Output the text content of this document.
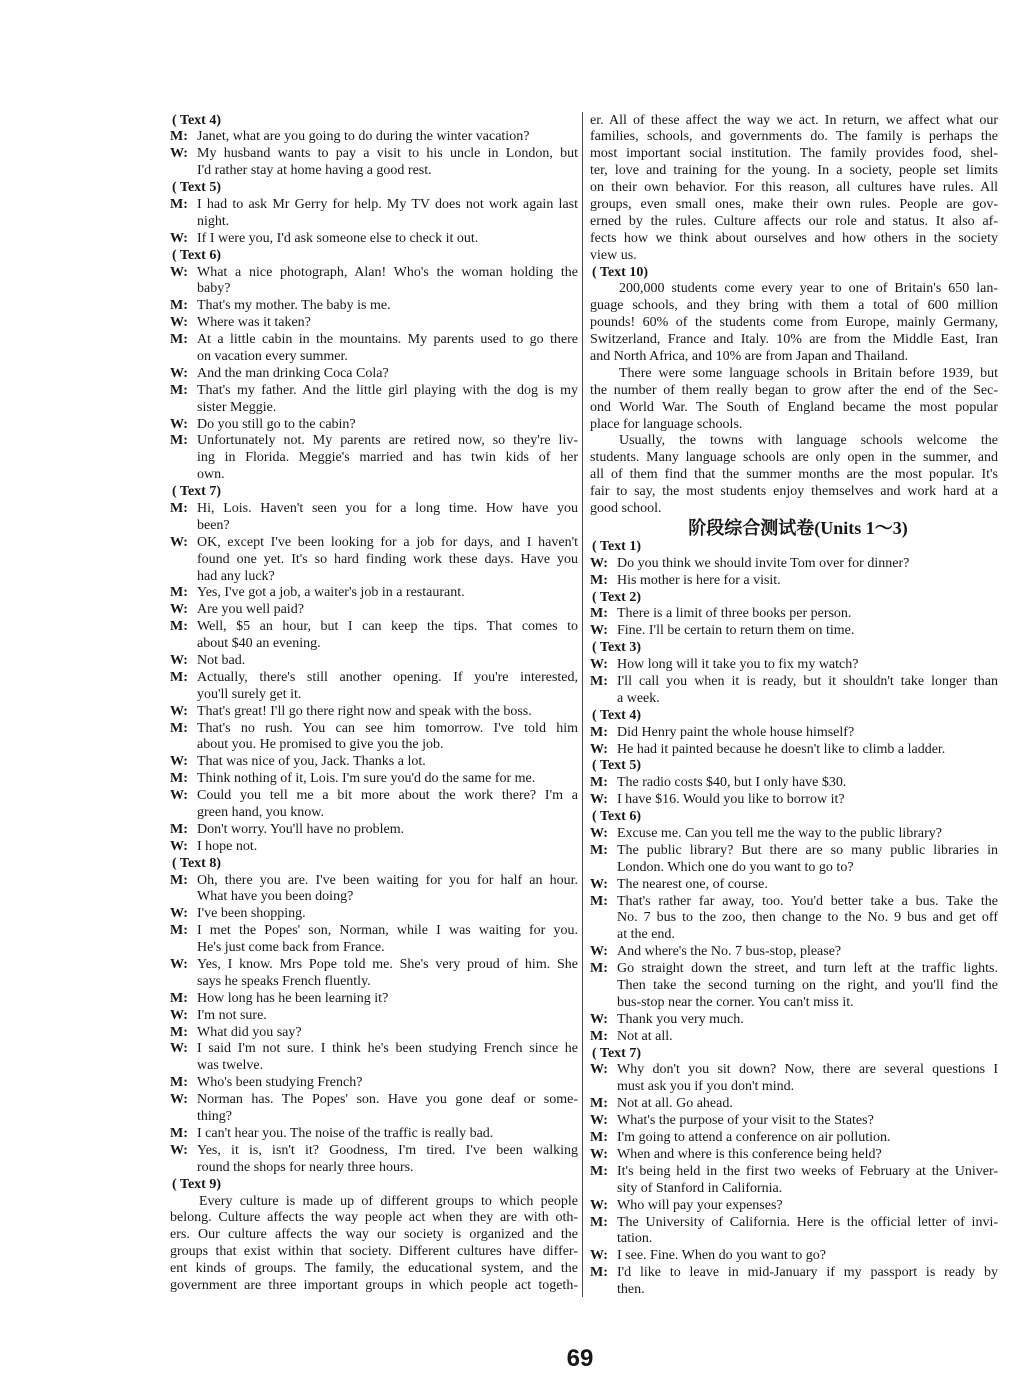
( Text 4)
M: Janet, what are you going to do during the winter vacation?
W: My husband wants to pay a visit to his uncle in London, but
I'd rather stay at home having a good rest.
( Text 5)
M: I had to ask Mr Gerry for help. My TV does not work again last
night.
W: If I were you, I'd ask someone else to check it out.
( Text 6)
W: What a nice photograph, Alan! Who's the woman holding the
baby?
M: That's my mother. The baby is me.
W: Where was it taken?
M: At a little cabin in the mountains. My parents used to go there
on vacation every summer.
W: And the man drinking Coca Cola?
M: That's my father. And the little girl playing with the dog is my
sister Meggie.
W: Do you still go to the cabin?
M: Unfortunately not. My parents are retired now, so they're liv-
ing in Florida. Meggie's married and has twin kids of her
own.
( Text 7)
M: Hi, Lois. Haven't seen you for a long time. How have you
been?
W: OK, except I've been looking for a job for days, and I haven't
found one yet. It's so hard finding work these days. Have you
had any luck?
M: Yes, I've got a job, a waiter's job in a restaurant.
W: Are you well paid?
M: Well, $5 an hour, but I can keep the tips. That comes to
about $40 an evening.
W: Not bad.
M: Actually, there's still another opening. If you're interested,
you'll surely get it.
W: That's great! I'll go there right now and speak with the boss.
M: That's no rush. You can see him tomorrow. I've told him
about you. He promised to give you the job.
W: That was nice of you, Jack. Thanks a lot.
M: Think nothing of it, Lois. I'm sure you'd do the same for me.
W: Could you tell me a bit more about the work there? I'm a
green hand, you know.
M: Don't worry. You'll have no problem.
W: I hope not.
( Text 8)
M: Oh, there you are. I've been waiting for you for half an hour.
What have you been doing?
W: I've been shopping.
M: I met the Popes' son, Norman, while I was waiting for you.
He's just come back from France.
W: Yes, I know. Mrs Pope told me. She's very proud of him. She
says he speaks French fluently.
M: How long has he been learning it?
W: I'm not sure.
M: What did you say?
W: I said I'm not sure. I think he's been studying French since he
was twelve.
M: Who's been studying French?
W: Norman has. The Popes' son. Have you gone deaf or some-
thing?
M: I can't hear you. The noise of the traffic is really bad.
W: Yes, it is, isn't it? Goodness, I'm tired. I've been walking
round the shops for nearly three hours.
( Text 9)
Every culture is made up of different groups to which people
belong. Culture affects the way people act when they are with oth-
ers. Our culture affects the way our society is organized and the
groups that exist within that society. Different cultures have differ-
ent kinds of groups. The family, the educational system, and the
government are three important groups in which people act togeth-
er. All of these affect the way we act. In return, we affect what our
families, schools, and governments do. The family is perhaps the
most important social institution. The family provides food, shel-
ter, love and training for the young. In a society, people set limits
on their own behavior. For this reason, all cultures have rules. All
groups, even small ones, make their own rules. People are gov-
erned by the rules. Culture affects our role and status. It also af-
fects how we think about ourselves and how others in the society
view us.
( Text 10)
200,000 students come every year to one of Britain's 650 lan-
guage schools, and they bring with them a total of 600 million
pounds! 60% of the students come from Europe, mainly Germany,
Switzerland, France and Italy. 10% are from the Middle East, Iran
and North Africa, and 10% are from Japan and Thailand.
There were some language schools in Britain before 1939, but
the number of them really began to grow after the end of the Sec-
ond World War. The South of England became the most popular
place for language schools.
Usually, the towns with language schools welcome the
students. Many language schools are only open in the summer, and
all of them find that the summer months are the most popular. It's
fair to say, the most students enjoy themselves and work hard at a
good school.
阶段综合测试卷(Units 1～3)
( Text 1)
W: Do you think we should invite Tom over for dinner?
M: His mother is here for a visit.
( Text 2)
M: There is a limit of three books per person.
W: Fine. I'll be certain to return them on time.
( Text 3)
W: How long will it take you to fix my watch?
M: I'll call you when it is ready, but it shouldn't take longer than
a week.
( Text 4)
M: Did Henry paint the whole house himself?
W: He had it painted because he doesn't like to climb a ladder.
( Text 5)
M: The radio costs $40, but I only have $30.
W: I have $16. Would you like to borrow it?
( Text 6)
W: Excuse me. Can you tell me the way to the public library?
M: The public library? But there are so many public libraries in
London. Which one do you want to go to?
W: The nearest one, of course.
M: That's rather far away, too. You'd better take a bus. Take the
No. 7 bus to the zoo, then change to the No. 9 bus and get off
at the end.
W: And where's the No. 7 bus-stop, please?
M: Go straight down the street, and turn left at the traffic lights.
Then take the second turning on the right, and you'll find the
bus-stop near the corner. You can't miss it.
W: Thank you very much.
M: Not at all.
( Text 7)
W: Why don't you sit down? Now, there are several questions I
must ask you if you don't mind.
M: Not at all. Go ahead.
W: What's the purpose of your visit to the States?
M: I'm going to attend a conference on air pollution.
W: When and where is this conference being held?
M: It's being held in the first two weeks of February at the Univer-
sity of Stanford in California.
W: Who will pay your expenses?
M: The University of California. Here is the official letter of invi-
tation.
W: I see. Fine. When do you want to go?
M: I'd like to leave in mid-January if my passport is ready by
then.
69
